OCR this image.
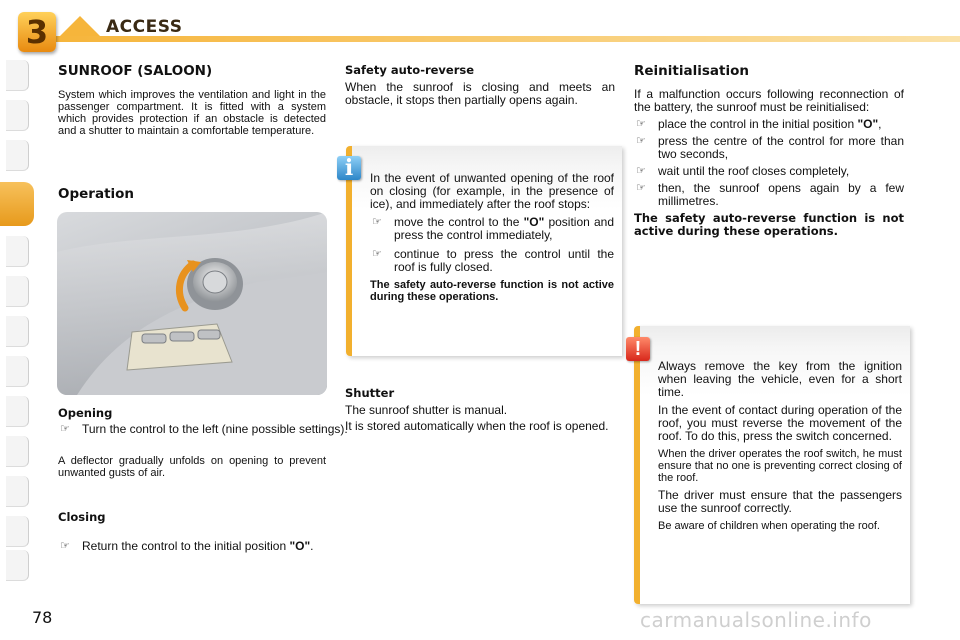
3	ACCESS
SUNROOF (SALOON)

System which improves the ventilation and light in the passenger compartment. It is fitted with a system which provides protection if an obstacle is detected and a shutter to maintain a comfortable temperature.

Operation
Opening

☞ Turn the control to the left (nine possible settings).

A deflector gradually unfolds on opening to prevent unwanted gusts of air.

Closing

☞ Return the control to the initial position "O".

Safety auto-reverse

When the sunroof is closing and meets an obstacle, it stops then partially opens again.

In the event of unwanted opening of the roof on closing (for example, in the presence of ice), and immediately after the roof stops:

☞ move the control to the "O" position and press the control immediately,

☞ continue to press the control until the roof is fully closed.

The safety auto-reverse function is not active during these operations.

i
Shutter

The sunroof shutter is manual.

It is stored automatically when the roof is opened.

Reinitialisation

If a malfunction occurs following reconnection of the battery, the sunroof must be reinitialised:

☞ place the control in the initial position "O",

☞ press the centre of the control for more than two seconds,

☞ wait until the roof closes completely,

☞ then, the sunroof opens again by a few millimetres.

The safety auto-reverse function is not active during these operations.

Always remove the key from the ignition when leaving the vehicle, even for a short time.

In the event of contact during operation of the roof, you must reverse the movement of the roof. To do this, press the switch concerned.

When the driver operates the roof switch, he must ensure that no one is preventing correct closing of the roof.

The driver must ensure that the passengers use the sunroof correctly.

Be aware of children when operating the roof.

!
78	carmanualsonline.info
